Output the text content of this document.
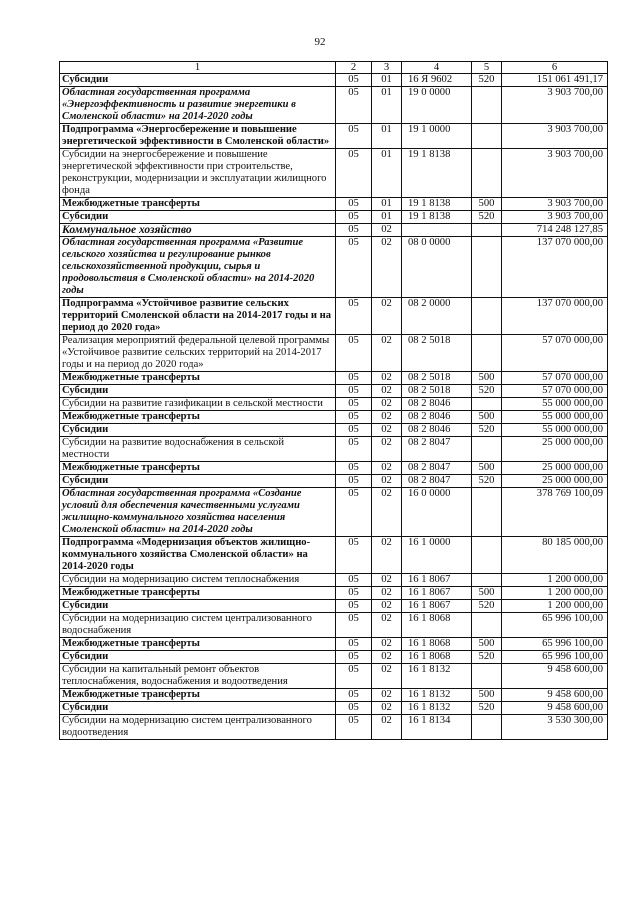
92
1	2	3	4	5	6
Субсидии	05	01	16 Я 9602	520	151 061 491,17
Областная государственная программа «Энергоэффективность и развитие энергетики в Смоленской области» на 2014-2020 годы	05	01	19 0 0000		3 903 700,00
Подпрограмма «Энергосбережение и повышение энергетической эффективности в Смоленской области»	05	01	19 1 0000		3 903 700,00
Субсидии на энергосбережение и повышение энергетической эффективности при строительстве, реконструкции, модернизации и эксплуатации жилищного фонда	05	01	19 1 8138		3 903 700,00
Межбюджетные трансферты	05	01	19 1 8138	500	3 903 700,00
Субсидии	05	01	19 1 8138	520	3 903 700,00
Коммунальное хозяйство	05	02			714 248 127,85
Областная государственная программа «Развитие сельского хозяйства и регулирование рынков сельскохозяйственной продукции, сырья и продовольствия в Смоленской области» на 2014-2020 годы	05	02	08 0 0000		137 070 000,00
Подпрограмма «Устойчивое развитие сельских территорий Смоленской области на 2014-2017 годы и на период до 2020 года»	05	02	08 2 0000		137 070 000,00
Реализация мероприятий федеральной целевой программы «Устойчивое развитие сельских территорий на 2014-2017 годы и на период до 2020 года»	05	02	08 2 5018		57 070 000,00
Межбюджетные трансферты	05	02	08 2 5018	500	57 070 000,00
Субсидии	05	02	08 2 5018	520	57 070 000,00
Субсидии на развитие газификации в сельской местности	05	02	08 2 8046		55 000 000,00
Межбюджетные трансферты	05	02	08 2 8046	500	55 000 000,00
Субсидии	05	02	08 2 8046	520	55 000 000,00
Субсидии на развитие водоснабжения в сельской местности	05	02	08 2 8047		25 000 000,00
Межбюджетные трансферты	05	02	08 2 8047	500	25 000 000,00
Субсидии	05	02	08 2 8047	520	25 000 000,00
Областная государственная программа «Создание условий для обеспечения качественными услугами жилищно-коммунального хозяйства населения Смоленской области» на 2014-2020 годы	05	02	16 0 0000		378 769 100,09
Подпрограмма «Модернизация объектов жилищно-коммунального хозяйства Смоленской области» на 2014-2020 годы	05	02	16 1 0000		80 185 000,00
Субсидии на модернизацию систем теплоснабжения	05	02	16 1 8067		1 200 000,00
Межбюджетные трансферты	05	02	16 1 8067	500	1 200 000,00
Субсидии	05	02	16 1 8067	520	1 200 000,00
Субсидии на модернизацию систем централизованного водоснабжения	05	02	16 1 8068		65 996 100,00
Межбюджетные трансферты	05	02	16 1 8068	500	65 996 100,00
Субсидии	05	02	16 1 8068	520	65 996 100,00
Субсидии на капитальный ремонт объектов теплоснабжения, водоснабжения и водоотведения	05	02	16 1 8132		9 458 600,00
Межбюджетные трансферты	05	02	16 1 8132	500	9 458 600,00
Субсидии	05	02	16 1 8132	520	9 458 600,00
Субсидии на модернизацию систем централизованного водоотведения	05	02	16 1 8134		3 530 300,00
